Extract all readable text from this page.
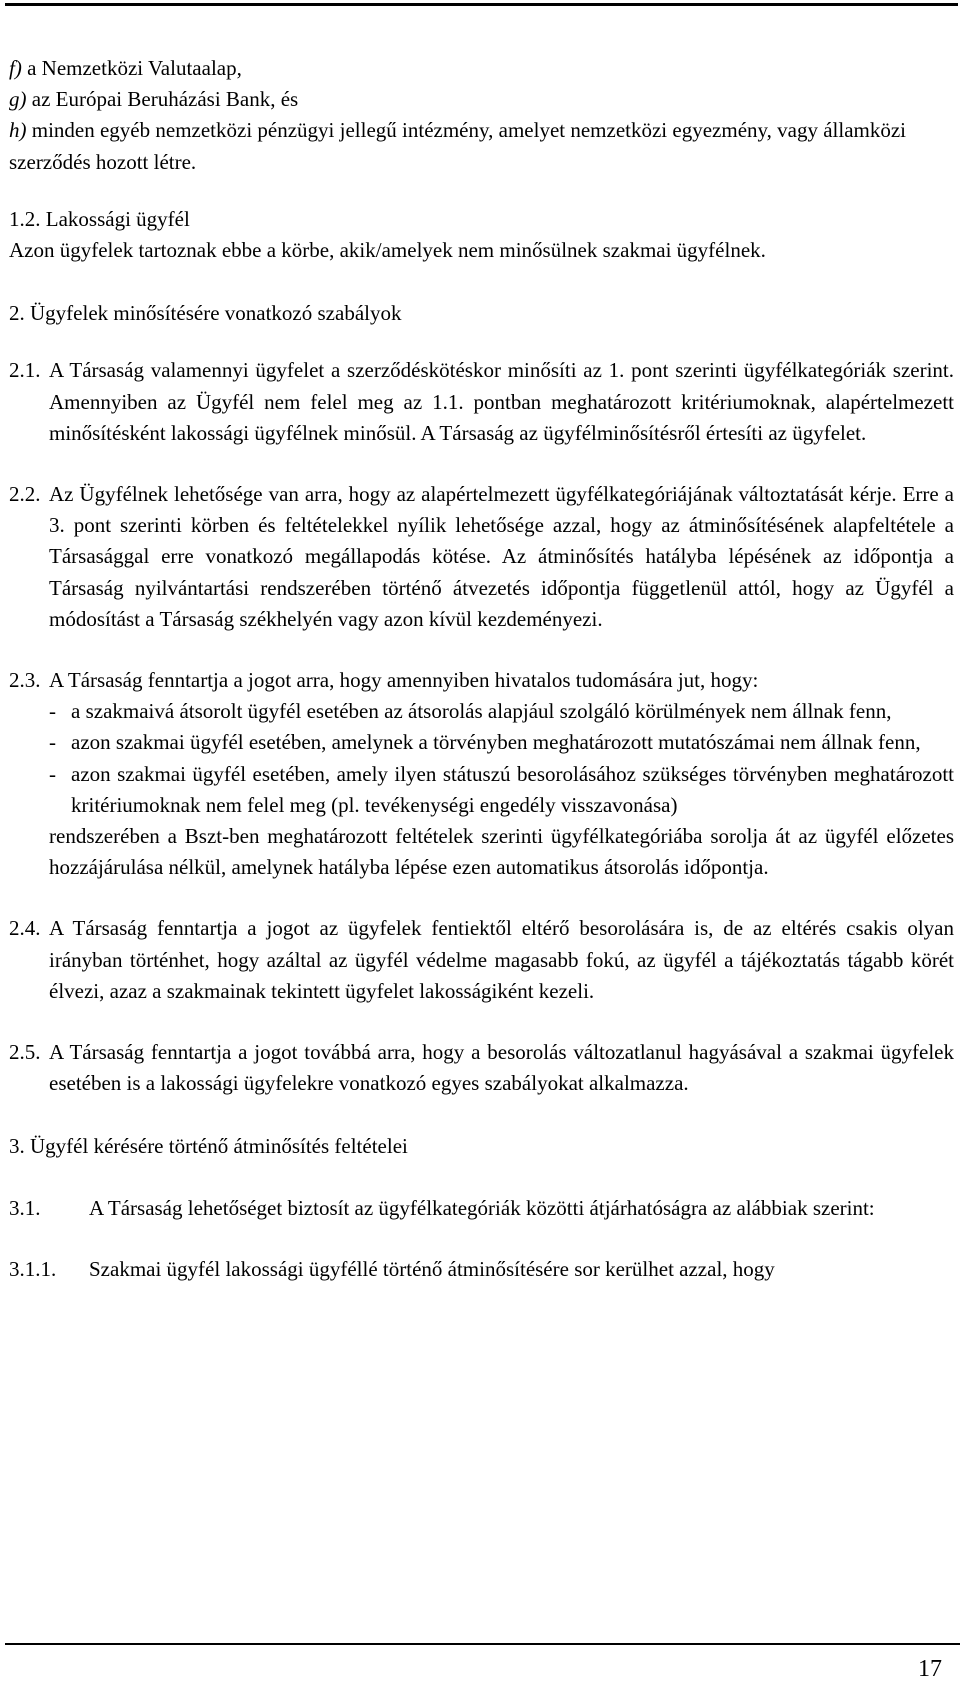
f) a Nemzetközi Valutaalap,

g) az Európai Beruházási Bank, és

h) minden egyéb nemzetközi pénzügyi jellegű intézmény, amelyet nemzetközi egyezmény, vagy államközi szerződés hozott létre.

1.2. Lakossági ügyfél

Azon ügyfelek tartoznak ebbe a körbe, akik/amelyek nem minősülnek szakmai ügyfélnek.

2. Ügyfelek minősítésére vonatkozó szabályok

2.1. A Társaság valamennyi ügyfelet a szerződéskötéskor minősíti az 1. pont szerinti ügyfélkategóriák szerint. Amennyiben az Ügyfél nem felel meg az 1.1. pontban meghatározott kritériumoknak, alapértelmezett minősítésként lakossági ügyfélnek minősül. A Társaság az ügyfélminősítésről értesíti az ügyfelet.
2.2. Az Ügyfélnek lehetősége van arra, hogy az alapértelmezett ügyfélkategóriájának változtatását kérje. Erre a 3. pont szerinti körben és feltételekkel nyílik lehetősége azzal, hogy az átminősítésének alapfeltétele a Társasággal erre vonatkozó megállapodás kötése. Az átminősítés hatályba lépésének az időpontja a Társaság nyilvántartási rendszerében történő átvezetés időpontja függetlenül attól, hogy az Ügyfél a módosítást a Társaság székhelyén vagy azon kívül kezdeményezi.
2.3. A Társaság fenntartja a jogot arra, hogy amennyiben hivatalos tudomására jut, hogy:
- a szakmaivá átsorolt ügyfél esetében az átsorolás alapjául szolgáló körülmények nem állnak fenn,
- azon szakmai ügyfél esetében, amelynek a törvényben meghatározott mutatószámai nem állnak fenn,
- azon szakmai ügyfél esetében, amely ilyen státuszú besorolásához szükséges törvényben meghatározott kritériumoknak nem felel meg (pl. tevékenységi engedély visszavonása)

rendszerében a Bszt-ben meghatározott feltételek szerinti ügyfélkategóriába sorolja át az ügyfél előzetes hozzájárulása nélkül, amelynek hatályba lépése ezen automatikus átsorolás időpontja.

2.4. A Társaság fenntartja a jogot az ügyfelek fentiektől eltérő besorolására is, de az eltérés csakis olyan irányban történhet, hogy azáltal az ügyfél védelme magasabb fokú, az ügyfél a tájékoztatás tágabb körét élvezi, azaz a szakmainak tekintett ügyfelet lakosságiként kezeli.
2.5. A Társaság fenntartja a jogot továbbá arra, hogy a besorolás változatlanul hagyásával a szakmai ügyfelek esetében is a lakossági ügyfelekre vonatkozó egyes szabályokat alkalmazza.

3. Ügyfél kérésére történő átminősítés feltételei

3.1.	A Társaság lehetőséget biztosít az ügyfélkategóriák közötti átjárhatóságra az alábbiak szerint:
3.1.1.	Szakmai ügyfél lakossági ügyféllé történő átminősítésére sor kerülhet azzal, hogy
17
